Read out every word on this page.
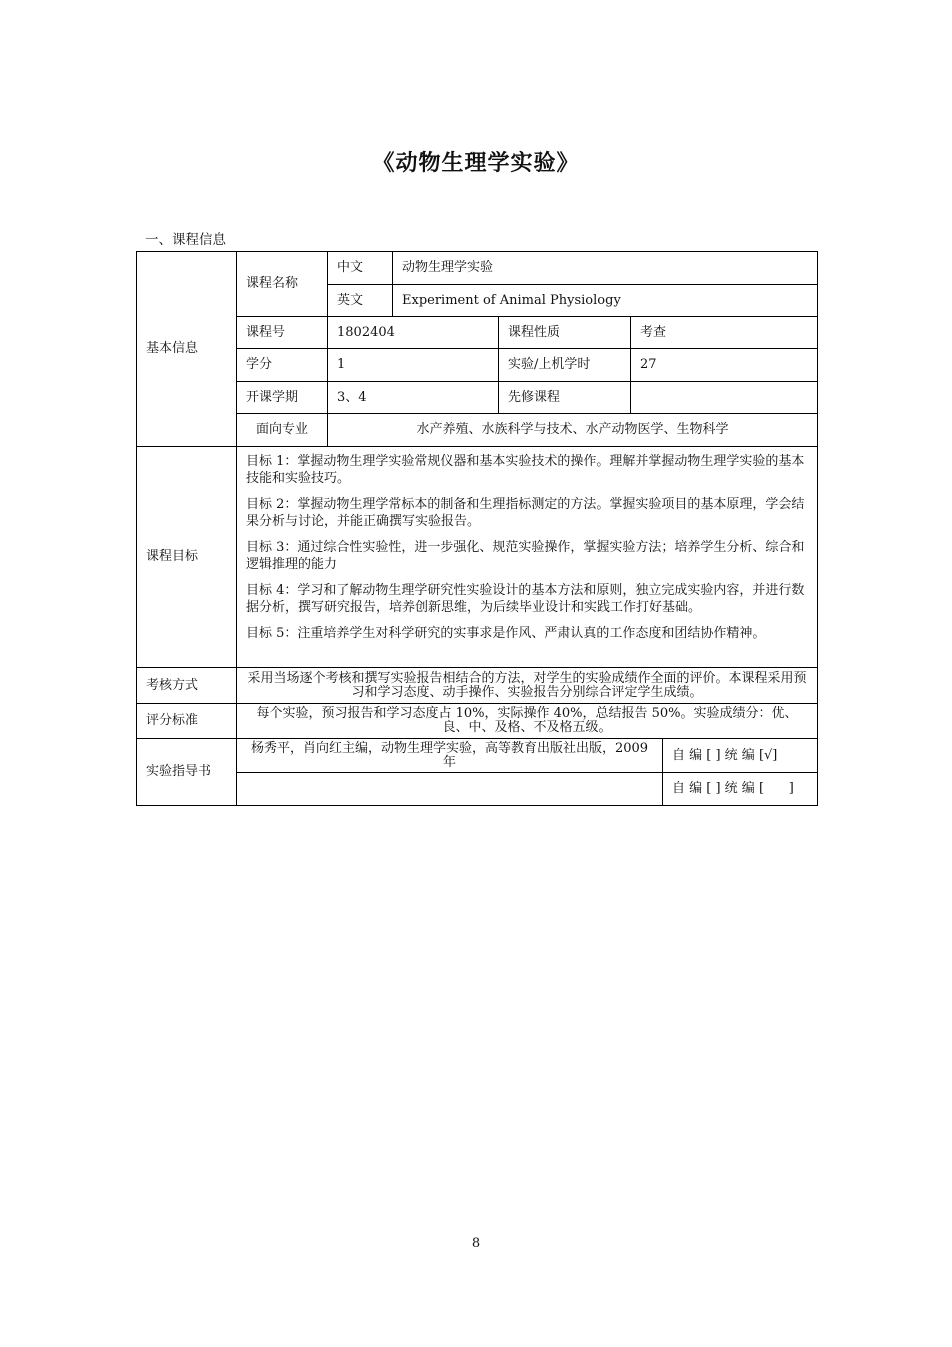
《动物生理学实验》
一、课程信息
基本信息	课程名称	中文	动物生理学实验			
		英文	Experiment of Animal Physiology			
	课程号	1802404		课程性质	考查	
	学分	1		实验/上机学时	27	
	开课学期	3、4		先修课程		
	面向专业	水产养殖、水族科学与技术、水产动物医学、生物科学				
课程目标	目标 1：掌握动物生理学实验常规仪器和基本实验技术的操作。理解并掌握动物生理学实验的基本技能和实验技巧。
目标 2：掌握动物生理学常标本的制备和生理指标测定的方法。掌握实验项目的基本原理，学会结果分析与讨论，并能正确撰写实验报告。
目标 3：通过综合性实验性，进一步强化、规范实验操作，掌握实验方法；培养学生分析、综合和逻辑推理的能力
目标 4：学习和了解动物生理学研究性实验设计的基本方法和原则，独立完成实验内容，并进行数据分析，撰写研究报告，培养创新思维，为后续毕业设计和实践工作打好基础。
目标 5：注重培养学生对科学研究的实事求是作风、严肃认真的工作态度和团结协作精神。					

考核方式	采用当场逐个考核和撰写实验报告相结合的方法，对学生的实验成绩作全面的评价。本课程采用预习和学习态度、动手操作、实验报告分别综合评定学生成绩。					
评分标准	每个实验，预习报告和学习态度占 10%，实际操作 40%，总结报告 50%。实验成绩分：优、良、中、及格、不及格五级。					
实验指导书	杨秀平，肖向红主编，动物生理学实验，高等教育出版社出版，2009 年					自 编 [ ] 统 编 [√]
						自 编 [ ] 统 编 [      ]
8
